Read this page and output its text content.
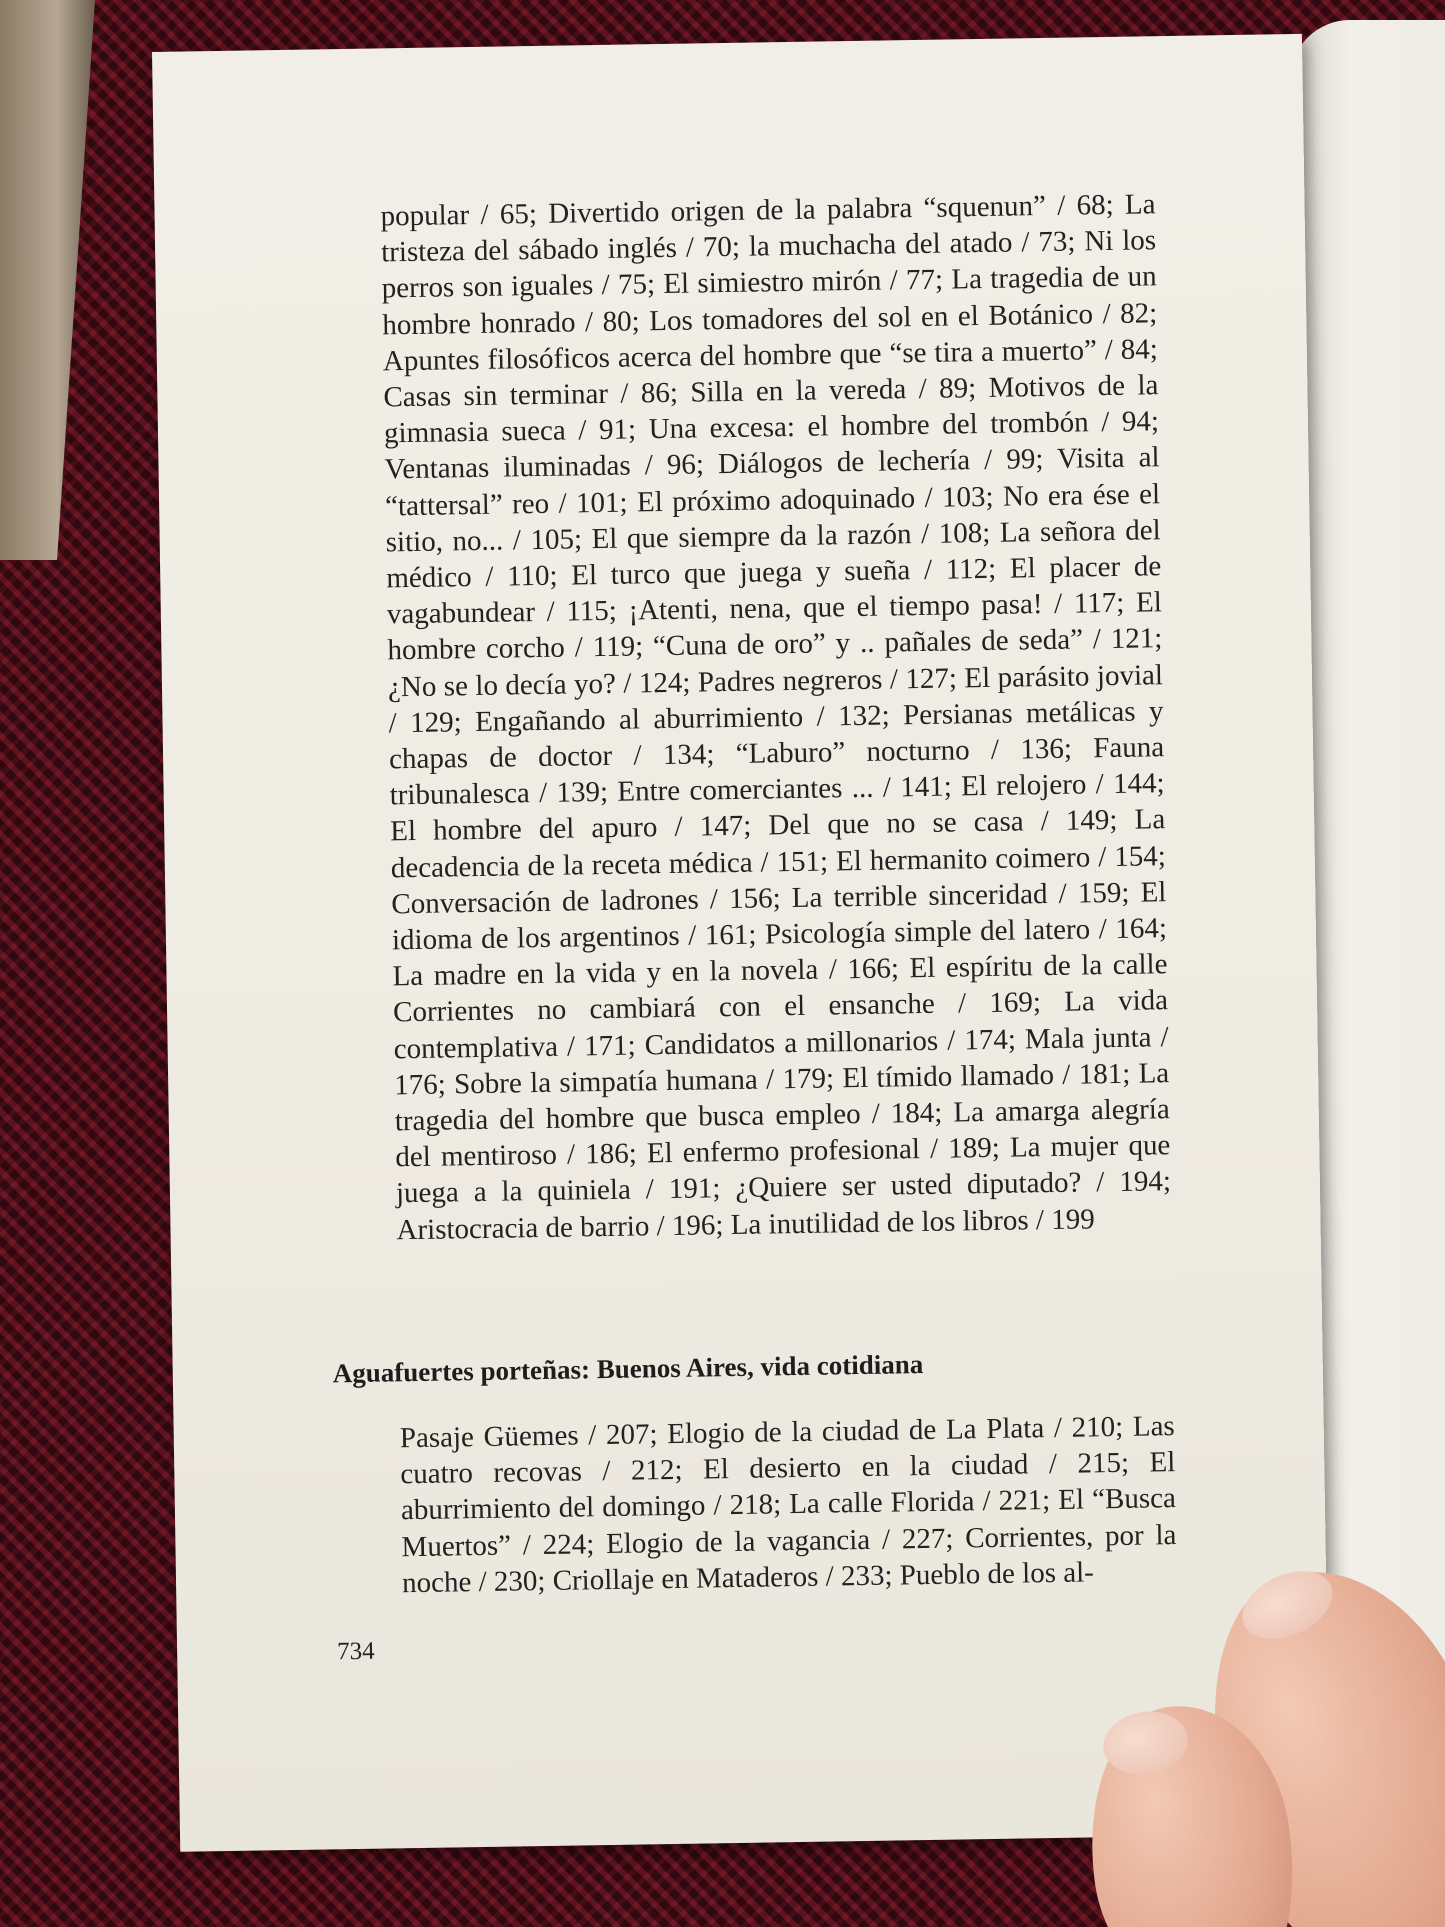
popular / 65; Divertido origen de la palabra “squenun” / 68; La tristeza del sábado inglés / 70; la muchacha del atado / 73; Ni los perros son iguales / 75; El simiestro mirón / 77; La tragedia de un hombre honrado / 80; Los tomadores del sol en el Botánico / 82; Apuntes filosóficos acerca del hombre que “se tira a muerto” / 84; Casas sin terminar / 86; Silla en la vereda / 89; Motivos de la gimnasia sueca / 91; Una excesa: el hombre del trombón / 94; Ventanas iluminadas / 96; Diálogos de lechería / 99; Visita al “tattersal” reo / 101; El próximo adoquinado / 103; No era ése el sitio, no... / 105; El que siempre da la razón / 108; La señora del médico / 110; El turco que juega y sueña / 112; El placer de vagabundear / 115; ¡Atenti, nena, que el tiempo pasa! / 117; El hombre corcho / 119; “Cuna de oro” y .. pañales de seda” / 121; ¿No se lo decía yo? / 124; Padres negreros / 127; El parásito jovial / 129; Engañando al aburrimiento / 132; Persianas metálicas y chapas de doctor / 134; “Laburo” nocturno / 136; Fauna tribunalesca / 139; Entre comerciantes ... / 141; El relojero / 144; El hombre del apuro / 147; Del que no se casa / 149; La decadencia de la receta médica / 151; El hermanito coimero / 154; Conversación de ladrones / 156; La terrible sinceridad / 159; El idioma de los argentinos / 161; Psicología simple del latero / 164; La madre en la vida y en la novela / 166; El espíritu de la calle Corrientes no cambiará con el ensanche / 169; La vida contemplativa / 171; Candidatos a millonarios / 174; Mala junta / 176; Sobre la simpatía humana / 179; El tímido llamado / 181; La tragedia del hombre que busca empleo / 184; La amarga alegría del mentiroso / 186; El enfermo profesional / 189; La mujer que juega a la quiniela / 191; ¿Quiere ser usted diputado? / 194; Aristocracia de barrio / 196; La inutilidad de los libros / 199

Aguafuertes porteñas: Buenos Aires, vida cotidiana

Pasaje Güemes / 207; Elogio de la ciudad de La Plata / 210; Las cuatro recovas / 212; El desierto en la ciudad / 215; El aburrimiento del domingo / 218; La calle Florida / 221; El “Busca Muertos” / 224; Elogio de la vagancia / 227; Corrientes, por la noche / 230; Criollaje en Mataderos / 233; Pueblo de los al-

734
